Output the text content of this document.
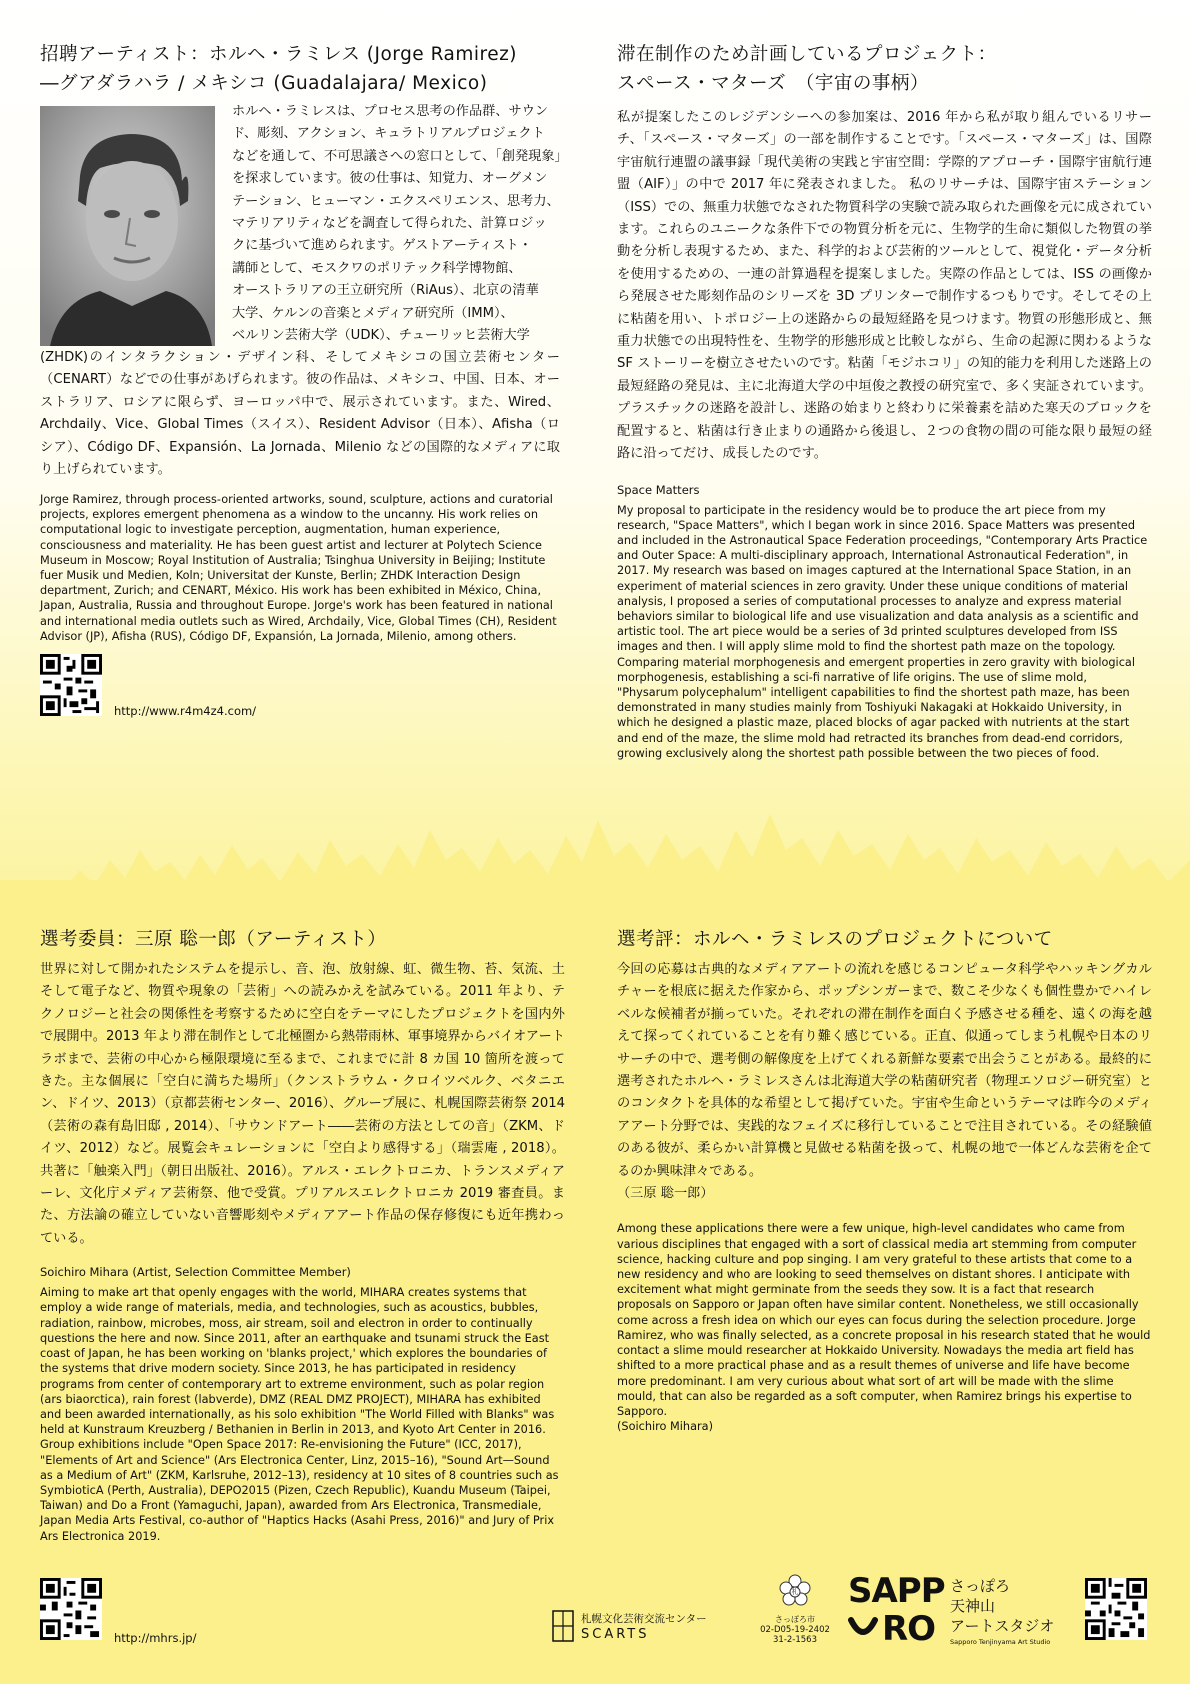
招聘アーティスト：ホルヘ・ラミレス (Jorge Ramirez)
―グアダラハラ / メキシコ (Guadalajara/ Mexico)
ホルヘ・ラミレスは、プロセス思考の作品群、サウン
ド、彫刻、アクション、キュラトリアルプロジェクト
などを通して、不可思議さへの窓口として、「創発現象」
を探求しています。彼の仕事は、知覚力、オーグメン
テーション、ヒューマン・エクスペリエンス、思考力、
マテリアリティなどを調査して得られた、計算ロジッ
クに基づいて進められます。ゲストアーティスト・
講師として、モスクワのポリテック科学博物館、
オーストラリアの王立研究所（RiAus）、北京の清華
大学、ケルンの音楽とメディア研究所（IMM）、
ベルリン芸術大学（UDK）、チューリッヒ芸術大学

(ZHDK)のインタラクション・デザイン科、そしてメキシコの国立芸術センター（CENART）などでの仕事があげられます。彼の作品は、メキシコ、中国、日本、オーストラリア、ロシアに限らず、ヨーロッパ中で、展示されています。また、Wired、Archdaily、Vice、Global Times（スイス）、Resident Advisor（日本）、Afisha（ロシア）、Código DF、Expansión、La Jornada、Milenio などの国際的なメディアに取り上げられています。

Jorge Ramirez, through process-oriented artworks, sound, sculpture, actions and curatorial projects, explores emergent phenomena as a window to the uncanny. His work relies on computational logic to investigate perception, augmentation, human experience, consciousness and materiality. He has been guest artist and lecturer at Polytech Science Museum in Moscow; Royal Institution of Australia; Tsinghua University in Beijing; Institute fuer Musik und Medien, Koln; Universitat der Kunste, Berlin; ZHDK Interaction Design department, Zurich; and CENART, México. His work has been exhibited in México, China, Japan, Australia, Russia and throughout Europe. Jorge's work has been featured in national and international media outlets such as Wired, Archdaily, Vice, Global Times (CH), Resident Advisor (JP), Afisha (RUS), Código DF, Expansión, La Jornada, Milenio, among others.

http://www.r4m4z4.com/
滞在制作のため計画しているプロジェクト：
スペース・マターズ　（宇宙の事柄）

私が提案したこのレジデンシーへの参加案は、2016 年から私が取り組んでいるリサーチ、「スペース・マターズ」の一部を制作することです。「スペース・マターズ」は、国際宇宙航行連盟の議事録「現代美術の実践と宇宙空間：学際的アプローチ・国際宇宙航行連盟（AIF）」の中で 2017 年に発表されました。 私のリサーチは、国際宇宙ステーション（ISS）での、無重力状態でなされた物質科学の実験で読み取られた画像を元に成されています。これらのユニークな条件下での物質分析を元に、生物学的生命に類似した物質の挙動を分析し表現するため、また、科学的および芸術的ツールとして、視覚化・データ分析を使用するための、一連の計算過程を提案しました。実際の作品としては、ISS の画像から発展させた彫刻作品のシリーズを 3D プリンターで制作するつもりです。そしてその上に粘菌を用い、トポロジー上の迷路からの最短経路を見つけます。物質の形態形成と、無重力状態での出現特性を、生物学的形態形成と比較しながら、生命の起源に関わるような SF ストーリーを樹立させたいのです。粘菌「モジホコリ」の知的能力を利用した迷路上の最短経路の発見は、主に北海道大学の中垣俊之教授の研究室で、多く実証されています。プラスチックの迷路を設計し、迷路の始まりと終わりに栄養素を詰めた寒天のブロックを配置すると、粘菌は行き止まりの通路から後退し、２つの食物の間の可能な限り最短の経路に沿ってだけ、成長したのです。

Space Matters

My proposal to participate in the residency would be to produce the art piece from my research, "Space Matters", which I began work in since 2016. Space Matters was presented and included in the Astronautical Space Federation proceedings, "Contemporary Arts Practice and Outer Space: A multi-disciplinary approach, International Astronautical Federation", in 2017. My research was based on images captured at the International Space Station, in an experiment of material sciences in zero gravity. Under these unique conditions of material analysis, I proposed a series of computational processes to analyze and express material behaviors similar to biological life and use visualization and data analysis as a scientific and artistic tool. The art piece would be a series of 3d printed sculptures developed from ISS images and then. I will apply slime mold to find the shortest path maze on the topology. Comparing material morphogenesis and emergent properties in zero gravity with biological morphogenesis, establishing a sci-fi narrative of life origins. The use of slime mold, "Physarum polycephalum" intelligent capabilities to find the shortest path maze, has been demonstrated in many studies mainly from Toshiyuki Nakagaki at Hokkaido University, in which he designed a plastic maze, placed blocks of agar packed with nutrients at the start and end of the maze, the slime mold had retracted its branches from dead-end corridors, growing exclusively along the shortest path possible between the two pieces of food.

選考委員：三原 聡一郎（アーティスト）

世界に対して開かれたシステムを提示し、音、泡、放射線、虹、微生物、苔、気流、土そして電子など、物質や現象の「芸術」への読みかえを試みている。2011 年より、テクノロジーと社会の関係性を考察するために空白をテーマにしたプロジェクトを国内外で展開中。2013 年より滞在制作として北極圏から熱帯雨林、軍事境界からバイオアートラボまで、芸術の中心から極限環境に至るまで、これまでに計 8 カ国 10 箇所を渡ってきた。主な個展に「空白に満ちた場所」（クンストラウム・クロイツベルク、ベタニエン、ドイツ、2013）（京都芸術センター、2016）、グループ展に、札幌国際芸術祭 2014（芸術の森有島旧邸 , 2014）、「サウンドアート――芸術の方法としての音」（ZKM、ドイツ、2012）など。展覧会キュレーションに「空白より感得する」（瑞雲庵 , 2018）。共著に「触楽入門」（朝日出版社、2016）。アルス・エレクトロニカ、トランスメディアーレ、文化庁メディア芸術祭、他で受賞。プリアルスエレクトロニカ 2019 審査員。また、方法論の確立していない音響彫刻やメディアアート作品の保存修復にも近年携わっている。

Soichiro Mihara (Artist, Selection Committee Member)

Aiming to make art that openly engages with the world, MIHARA creates systems that employ a wide range of materials, media, and technologies, such as acoustics, bubbles, radiation, rainbow, microbes, moss, air stream, soil and electron in order to continually questions the here and now. Since 2011, after an earthquake and tsunami struck the East coast of Japan, he has been working on 'blanks project,' which explores the boundaries of the systems that drive modern society. Since 2013, he has participated in residency programs from center of contemporary art to extreme environment, such as polar region (ars biaorctica), rain forest (labverde), DMZ (REAL DMZ PROJECT), MIHARA has exhibited and been awarded internationally, as his solo exhibition "The World Filled with Blanks" was held at Kunstraum Kreuzberg / Bethanien in Berlin in 2013, and Kyoto Art Center in 2016. Group exhibitions include "Open Space 2017: Re-envisioning the Future" (ICC, 2017), "Elements of Art and Science" (Ars Electronica Center, Linz, 2015–16), "Sound Art—Sound as a Medium of Art" (ZKM, Karlsruhe, 2012–13), residency at 10 sites of 8 countries such as SymbioticA (Perth, Australia), DEPO2015 (Pizen, Czech Republic), Kuandu Museum (Taipei, Taiwan) and Do a Front (Yamaguchi, Japan), awarded from Ars Electronica, Transmediale, Japan Media Arts Festival, co-author of "Haptics Hacks (Asahi Press, 2016)" and Jury of Prix Ars Electronica 2019.

http://mhrs.jp/
選考評：ホルヘ・ラミレスのプロジェクトについて

今回の応募は古典的なメディアアートの流れを感じるコンピュータ科学やハッキングカルチャーを根底に据えた作家から、ポップシンガーまで、数こそ少なくも個性豊かでハイレベルな候補者が揃っていた。それぞれの滞在制作を面白く予感させる種を、遠くの海を越えて探ってくれていることを有り難く感じている。正直、似通ってしまう札幌や日本のリサーチの中で、選考側の解像度を上げてくれる新鮮な要素で出会うことがある。最終的に選考されたホルヘ・ラミレスさんは北海道大学の粘菌研究者（物理エソロジー研究室）とのコンタクトを具体的な希望として掲げていた。宇宙や生命というテーマは昨今のメディアアート分野では、実践的なフェイズに移行していることで注目されている。その経験値のある彼が、柔らかい計算機と見做せる粘菌を扱って、札幌の地で一体どんな芸術を企てるのか興味津々である。

（三原 聡一郎）

Among these applications there were a few unique, high-level candidates who came from various disciplines that engaged with a sort of classical media art stemming from computer science, hacking culture and pop singing. I am very grateful to these artists that come to a new residency and who are looking to seed themselves on distant shores. I anticipate with excitement what might germinate from the seeds they sow. It is a fact that research proposals on Sapporo or Japan often have similar content. Nonetheless, we still occasionally come across a fresh idea on which our eyes can focus during the selection procedure. Jorge Ramirez, who was finally selected, as a concrete proposal in his research stated that he would contact a slime mould researcher at Hokkaido University. Nowadays the media art field has shifted to a more practical phase and as a result themes of universe and life have become more predominant. I am very curious about what sort of art will be made with the slime mould, that can also be regarded as a soft computer, when Ramirez brings his expertise to Sapporo.

(Soichiro Mihara)

札幌文化芸術交流センター
SCARTS
札
さっぽろ市
02-D05-19-2402
31-2-1563
SAPP
RO
さっぽろ
天神山
アートスタジオ
Sapporo Tenjinyama Art Studio
